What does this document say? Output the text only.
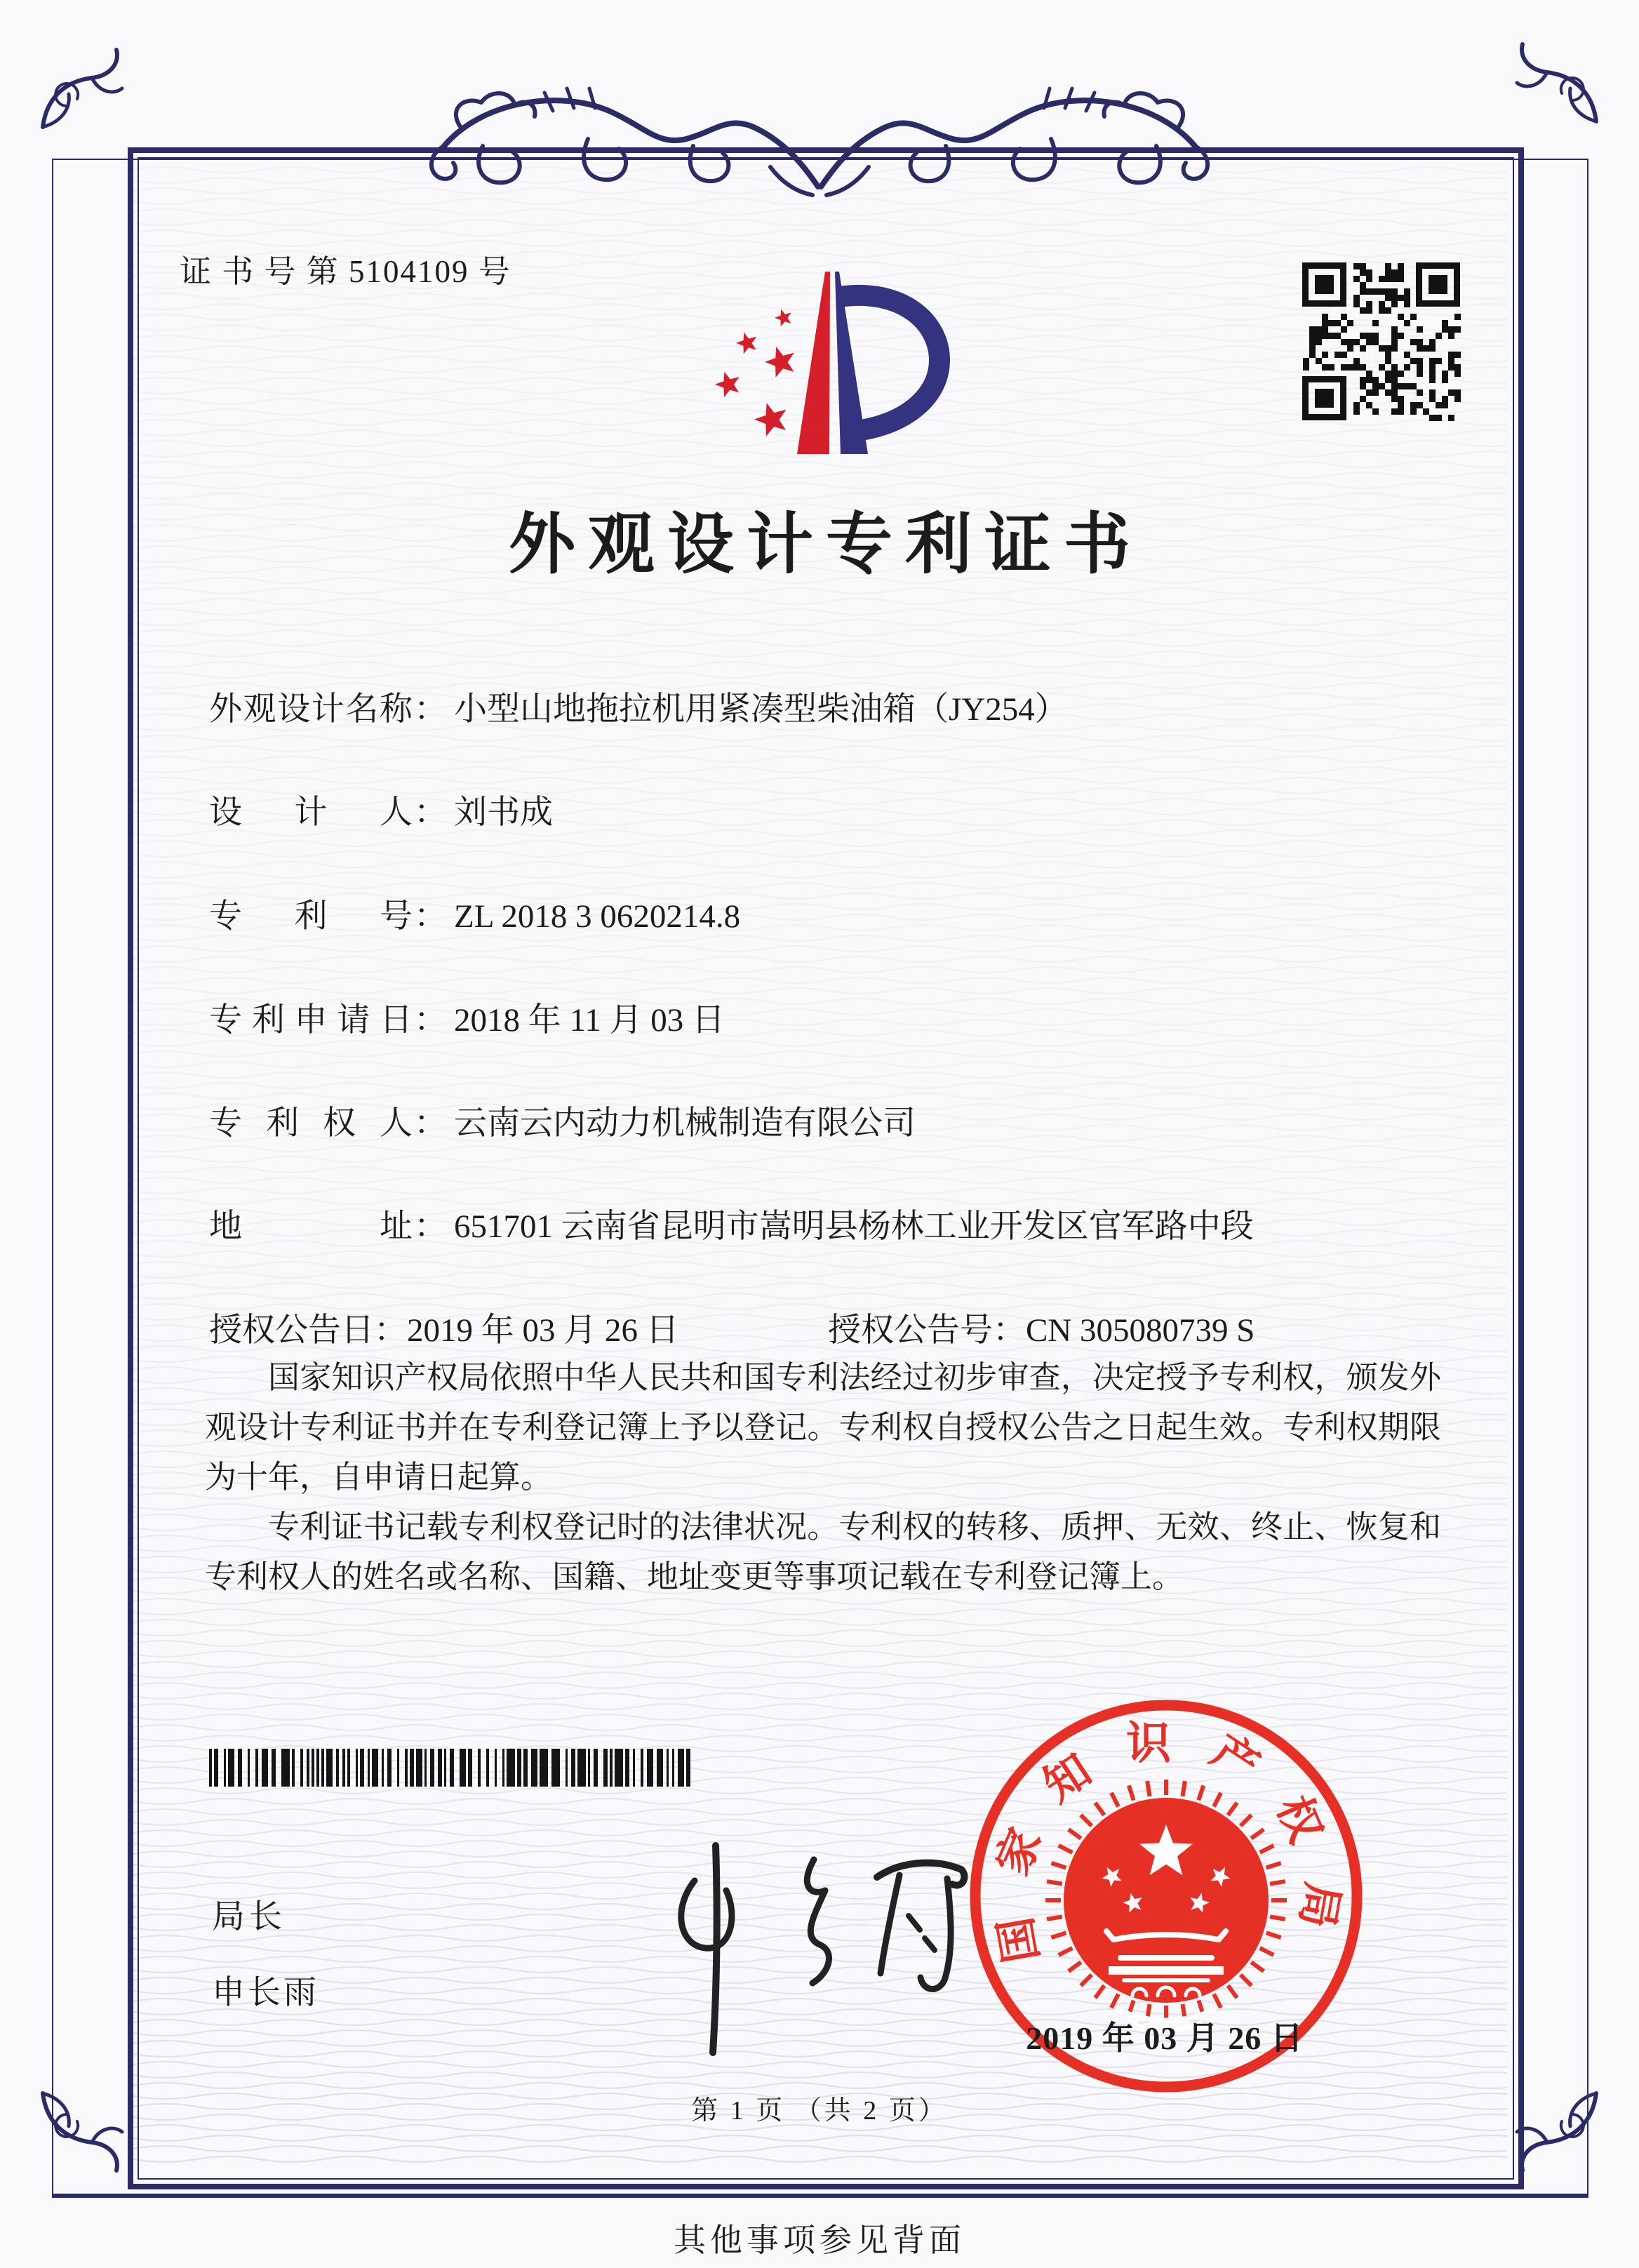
证 书 号 第 5104109 号
外观设计专利证书
外观设计名称： 小型山地拖拉机用紧凑型柴油箱（JY254）
设计人： 刘书成
专利号： ZL 2018 3 0620214.8
专利申请日： 2018 年 11 月 03 日
专利权人： 云南云内动力机械制造有限公司
地址： 651701 云南省昆明市嵩明县杨林工业开发区官军路中段
授权公告日：2019 年 03 月 26 日	授权公告号：CN 305080739 S

国家知识产权局依照中华人民共和国专利法经过初步审查，决定授予专利权，颁发外观设计专利证书并在专利登记簿上予以登记。专利权自授权公告之日起生效。专利权期限为十年，自申请日起算。

专利证书记载专利权登记时的法律状况。专利权的转移、质押、无效、终止、恢复和专利权人的姓名或名称、国籍、地址变更等事项记载在专利登记簿上。

局长
申长雨
国家知识产权局
2019 年 03 月 26 日
第 1 页 （共 2 页）
其他事项参见背面
